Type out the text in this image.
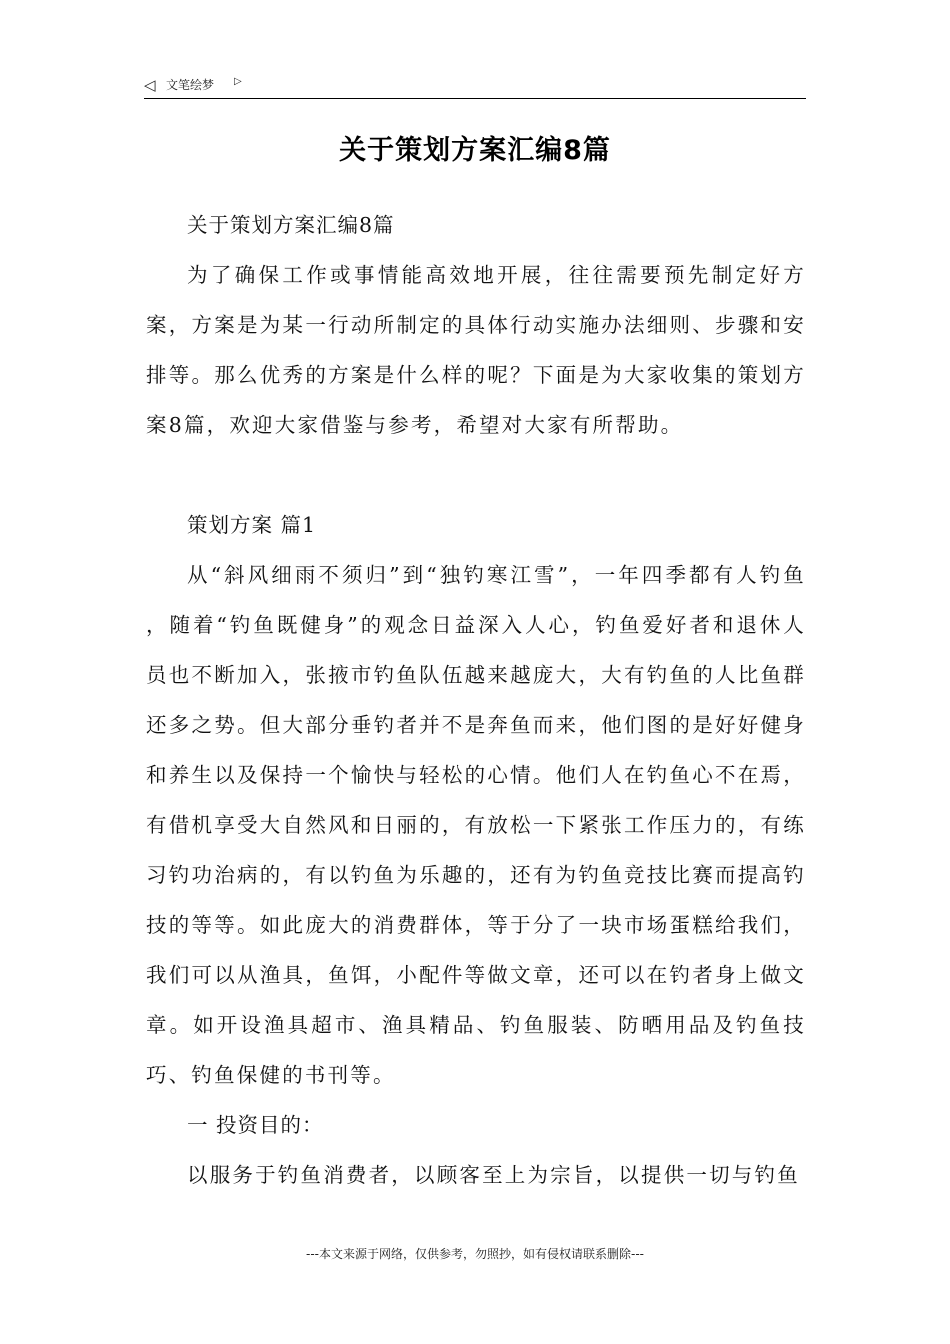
◁ 文笔绘梦 ▷
关于策划方案汇编8篇

关于策划方案汇编8篇

为了确保工作或事情能高效地开展，往往需要预先制定好方案，方案是为某一行动所制定的具体行动实施办法细则、步骤和安排等。那么优秀的方案是什么样的呢？下面是为大家收集的策划方案8篇，欢迎大家借鉴与参考，希望对大家有所帮助。

策划方案 篇1

从“斜风细雨不须归”到“独钓寒江雪”，一年四季都有人钓鱼 ，随着“钓鱼既健身”的观念日益深入人心，钓鱼爱好者和退休人员也不断加入，张掖市钓鱼队伍越来越庞大，大有钓鱼的人比鱼群还多之势。但大部分垂钓者并不是奔鱼而来，他们图的是好好健身和养生以及保持一个愉快与轻松的心情。他们人在钓鱼心不在焉，有借机享受大自然风和日丽的，有放松一下紧张工作压力的，有练习钓功治病的，有以钓鱼为乐趣的，还有为钓鱼竞技比赛而提高钓技的等等。如此庞大的消费群体，等于分了一块市场蛋糕给我们，我们可以从渔具，鱼饵，小配件等做文章，还可以在钓者身上做文章。如开设渔具超市、渔具精品、钓鱼服装、防晒用品及钓鱼技巧、钓鱼保健的书刊等。

一 投资目的：

以服务于钓鱼消费者，以顾客至上为宗旨，以提供一切与钓鱼

---本文来源于网络，仅供参考，勿照抄，如有侵权请联系删除---
